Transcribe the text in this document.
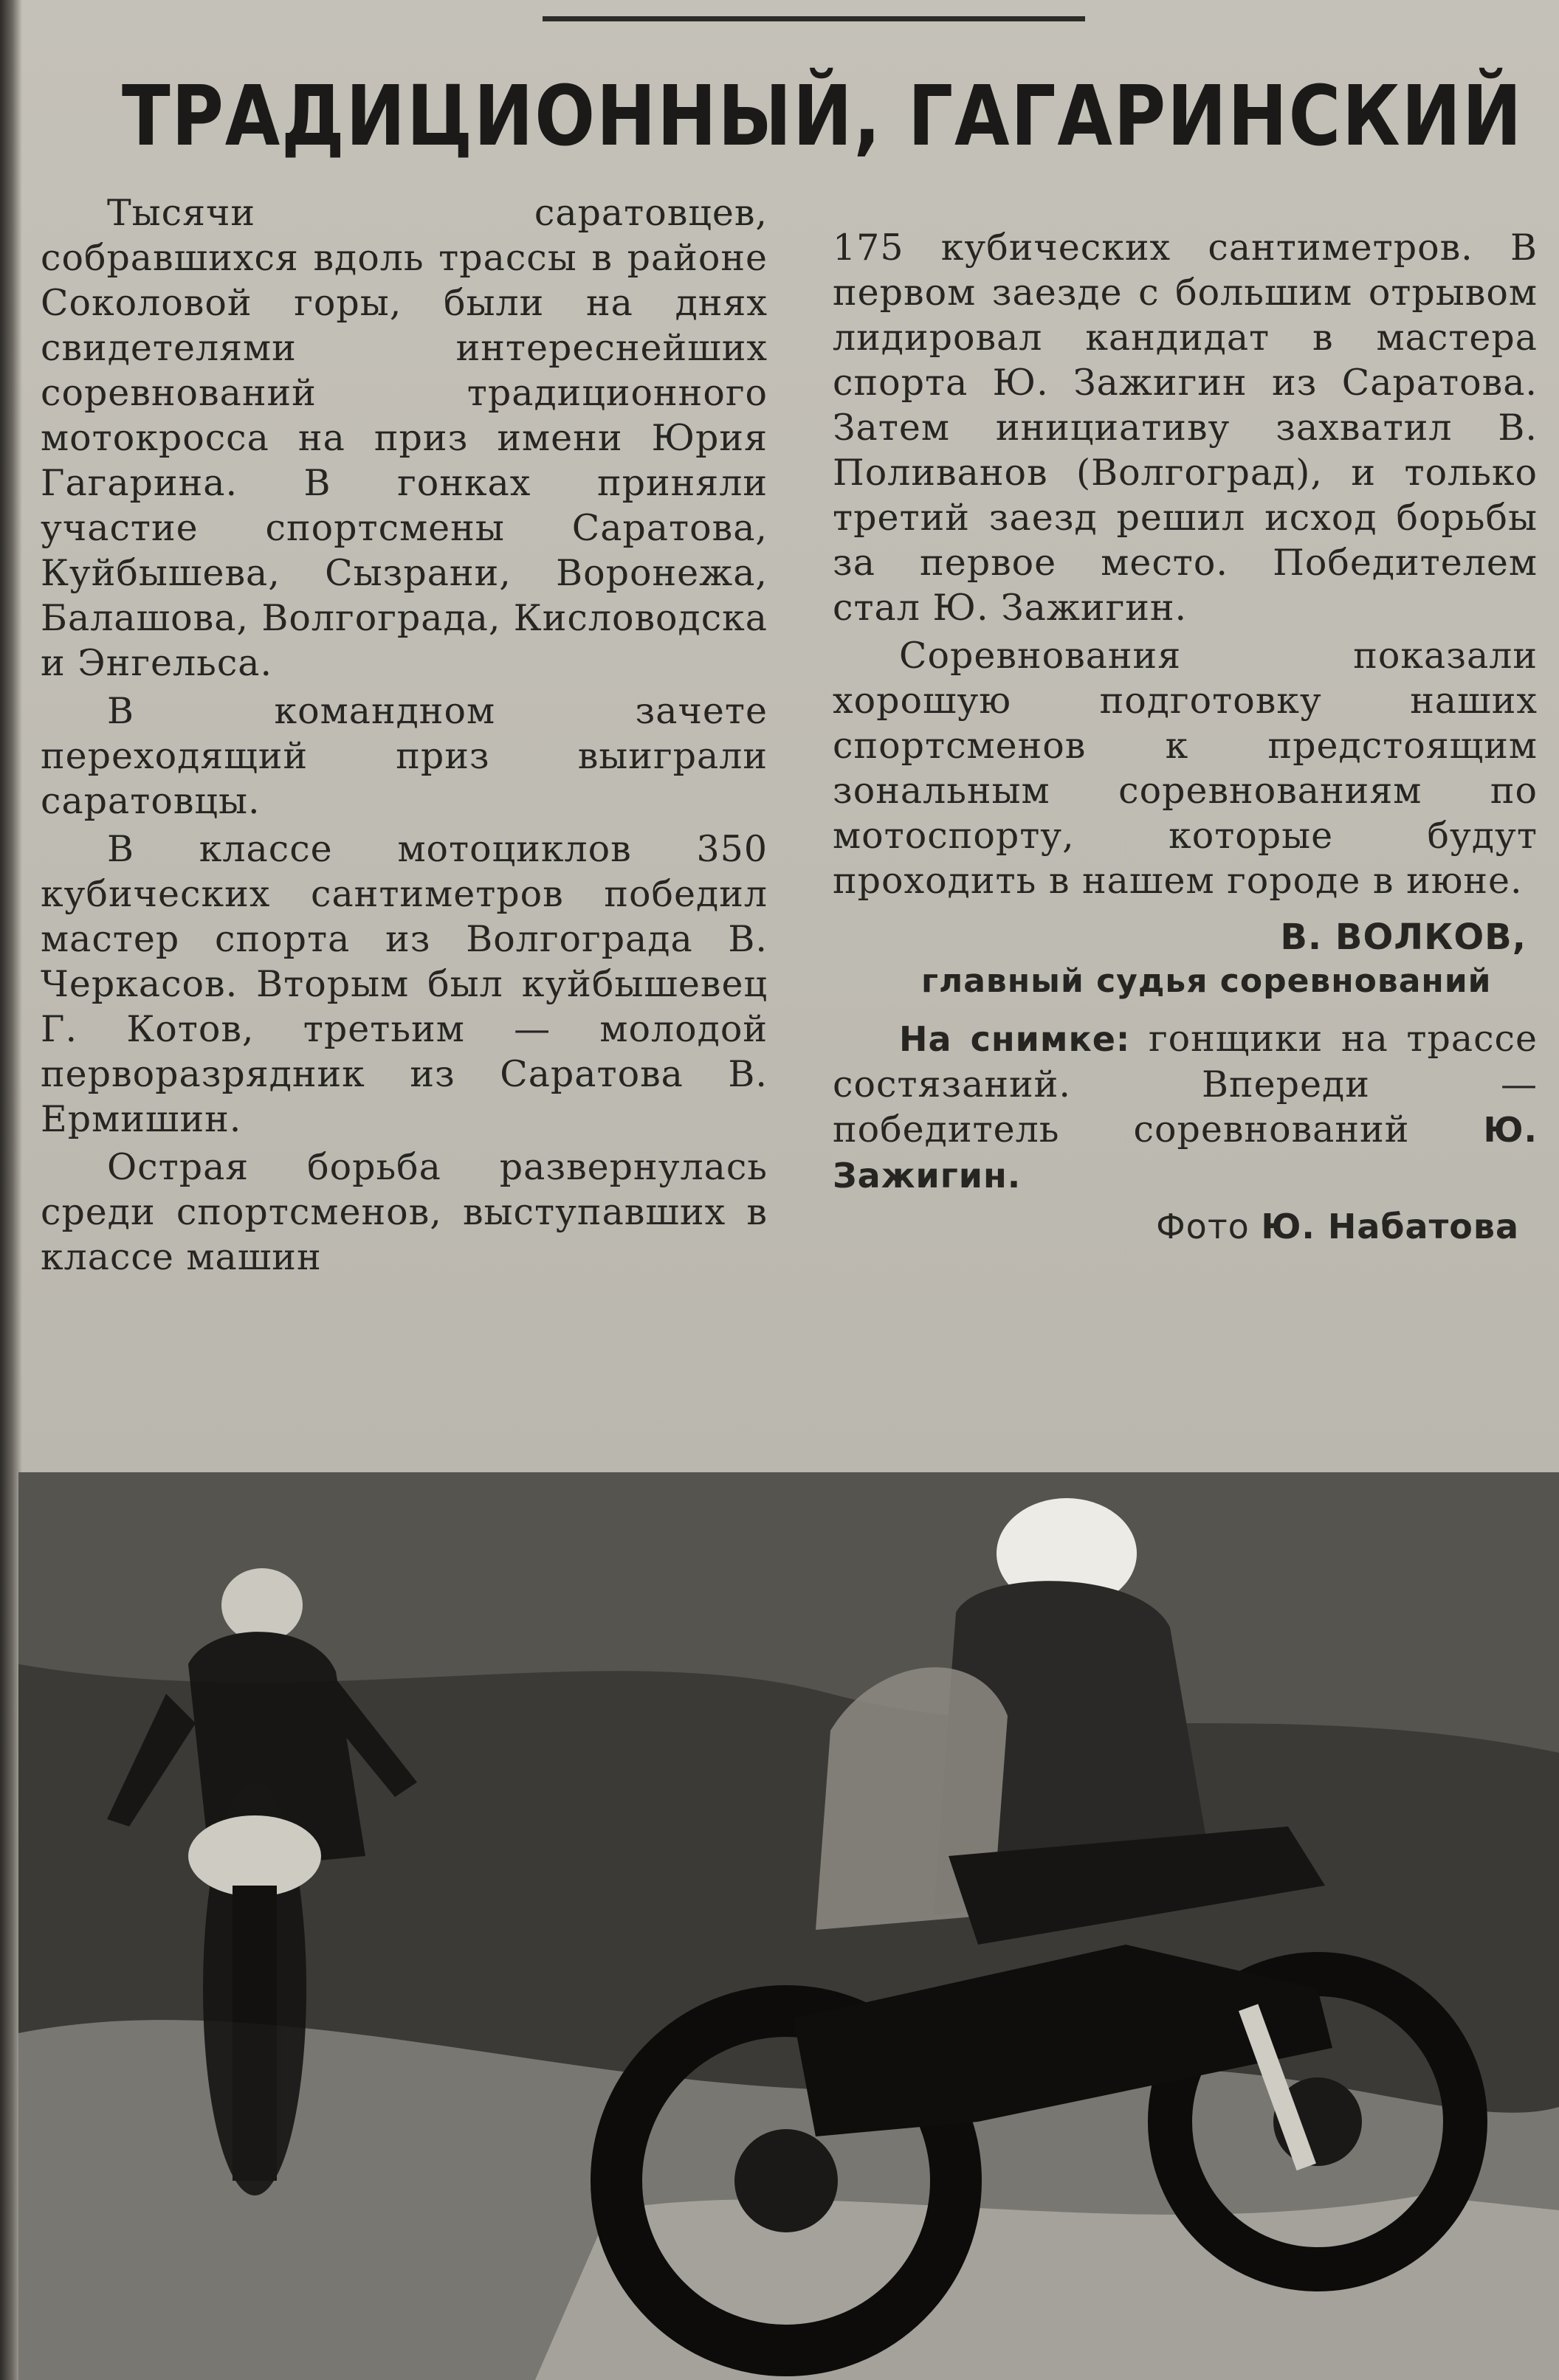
ТРАДИЦИОННЫЙ, ГАГАРИНСКИЙ

Тысячи саратовцев, собравшихся вдоль трассы в районе Соколовой горы, были на днях свидетелями интереснейших соревнований традиционного мотокросса на приз имени Юрия Гагарина. В гонках приняли участие спортсмены Саратова, Куйбышева, Сызрани, Воронежа, Балашова, Волгограда, Кисловодска и Энгельса.

В командном зачете переходящий приз выиграли саратовцы.

В классе мотоциклов 350 кубических сантиметров победил мастер спорта из Волгограда В. Черкасов. Вторым был куйбышевец Г. Котов, третьим — молодой перворазрядник из Саратова В. Ермишин.

Острая борьба развернулась среди спортсменов, выступавших в классе машин

175 кубических сантиметров. В первом заезде с большим отрывом лидировал кандидат в мастера спорта Ю. Зажигин из Саратова. Затем инициативу захватил В. Поливанов (Волгоград), и только третий заезд решил исход борьбы за первое место. Победителем стал Ю. Зажигин.

Соревнования показали хорошую подготовку наших спортсменов к предстоящим зональным соревнованиям по мотоспорту, которые будут проходить в нашем городе в июне.

В. ВОЛКОВ,
главный судья соревнований

На снимке: гонщики на трассе состязаний. Впереди — победитель соревнований Ю. Зажигин.

Фото Ю. Набатова
